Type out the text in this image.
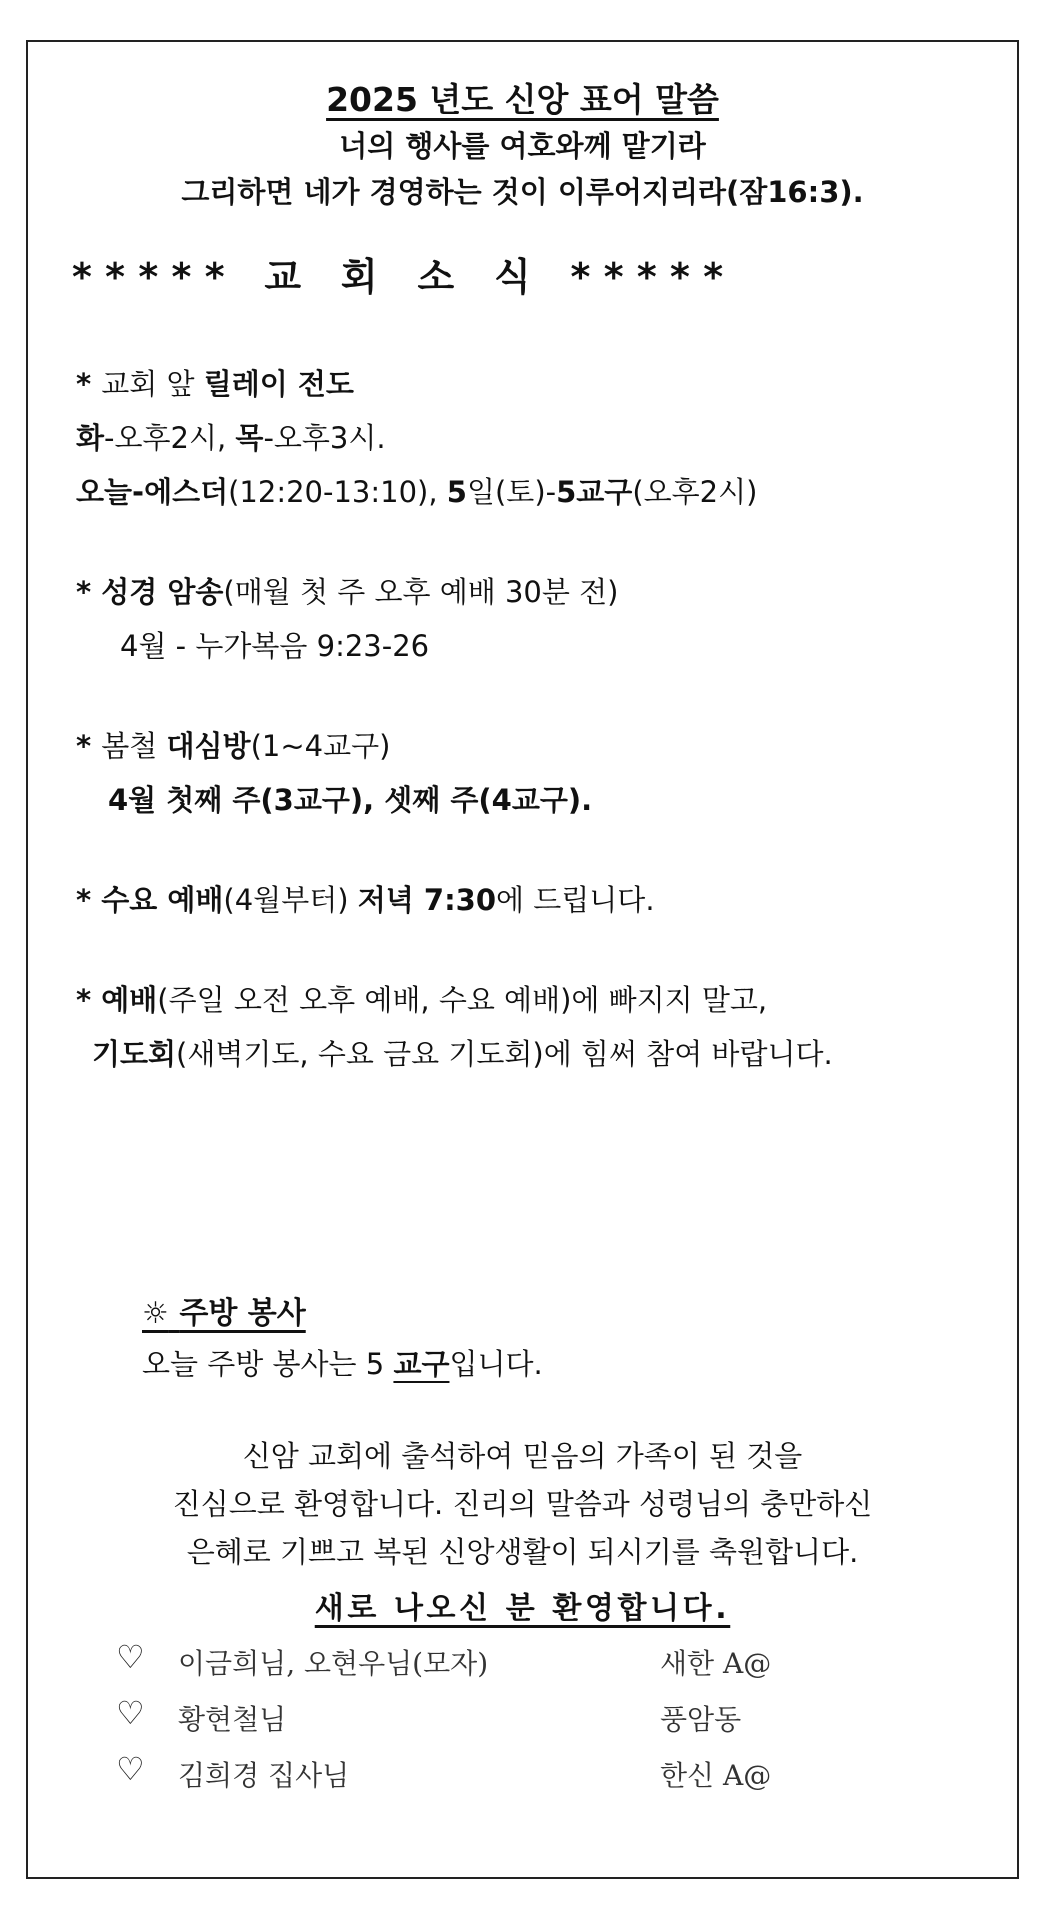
2025 년도 신앙 표어 말씀
너의 행사를 여호와께 맡기라
그리하면 네가 경영하는 것이 이루어지리라(잠16:3).
***** 교 회 소 식 *****
* 교회 앞 릴레이 전도
화-오후2시, 목-오후3시.
오늘-에스더(12:20-13:10), 5일(토)-5교구(오후2시)
* 성경 암송(매월 첫 주 오후 예배 30분 전)
4월 - 누가복음 9:23-26
* 봄철 대심방(1~4교구)
4월 첫째 주(3교구), 셋째 주(4교구).
* 수요 예배(4월부터) 저녁 7:30에 드립니다.
* 예배(주일 오전 오후 예배, 수요 예배)에 빠지지 말고,
기도회(새벽기도, 수요 금요 기도회)에 힘써 참여 바랍니다.
☼ 주방 봉사
오늘 주방 봉사는 5 교구입니다.
신암 교회에 출석하여 믿음의 가족이 된 것을
진심으로 환영합니다. 진리의 말씀과 성령님의 충만하신
은혜로 기쁘고 복된 신앙생활이 되시기를 축원합니다.
새로 나오신 분 환영합니다.
♡ 이금희님, 오현우님(모자)	새한 A@
♡ 황현철님	풍암동
♡ 김희경 집사님	한신 A@
